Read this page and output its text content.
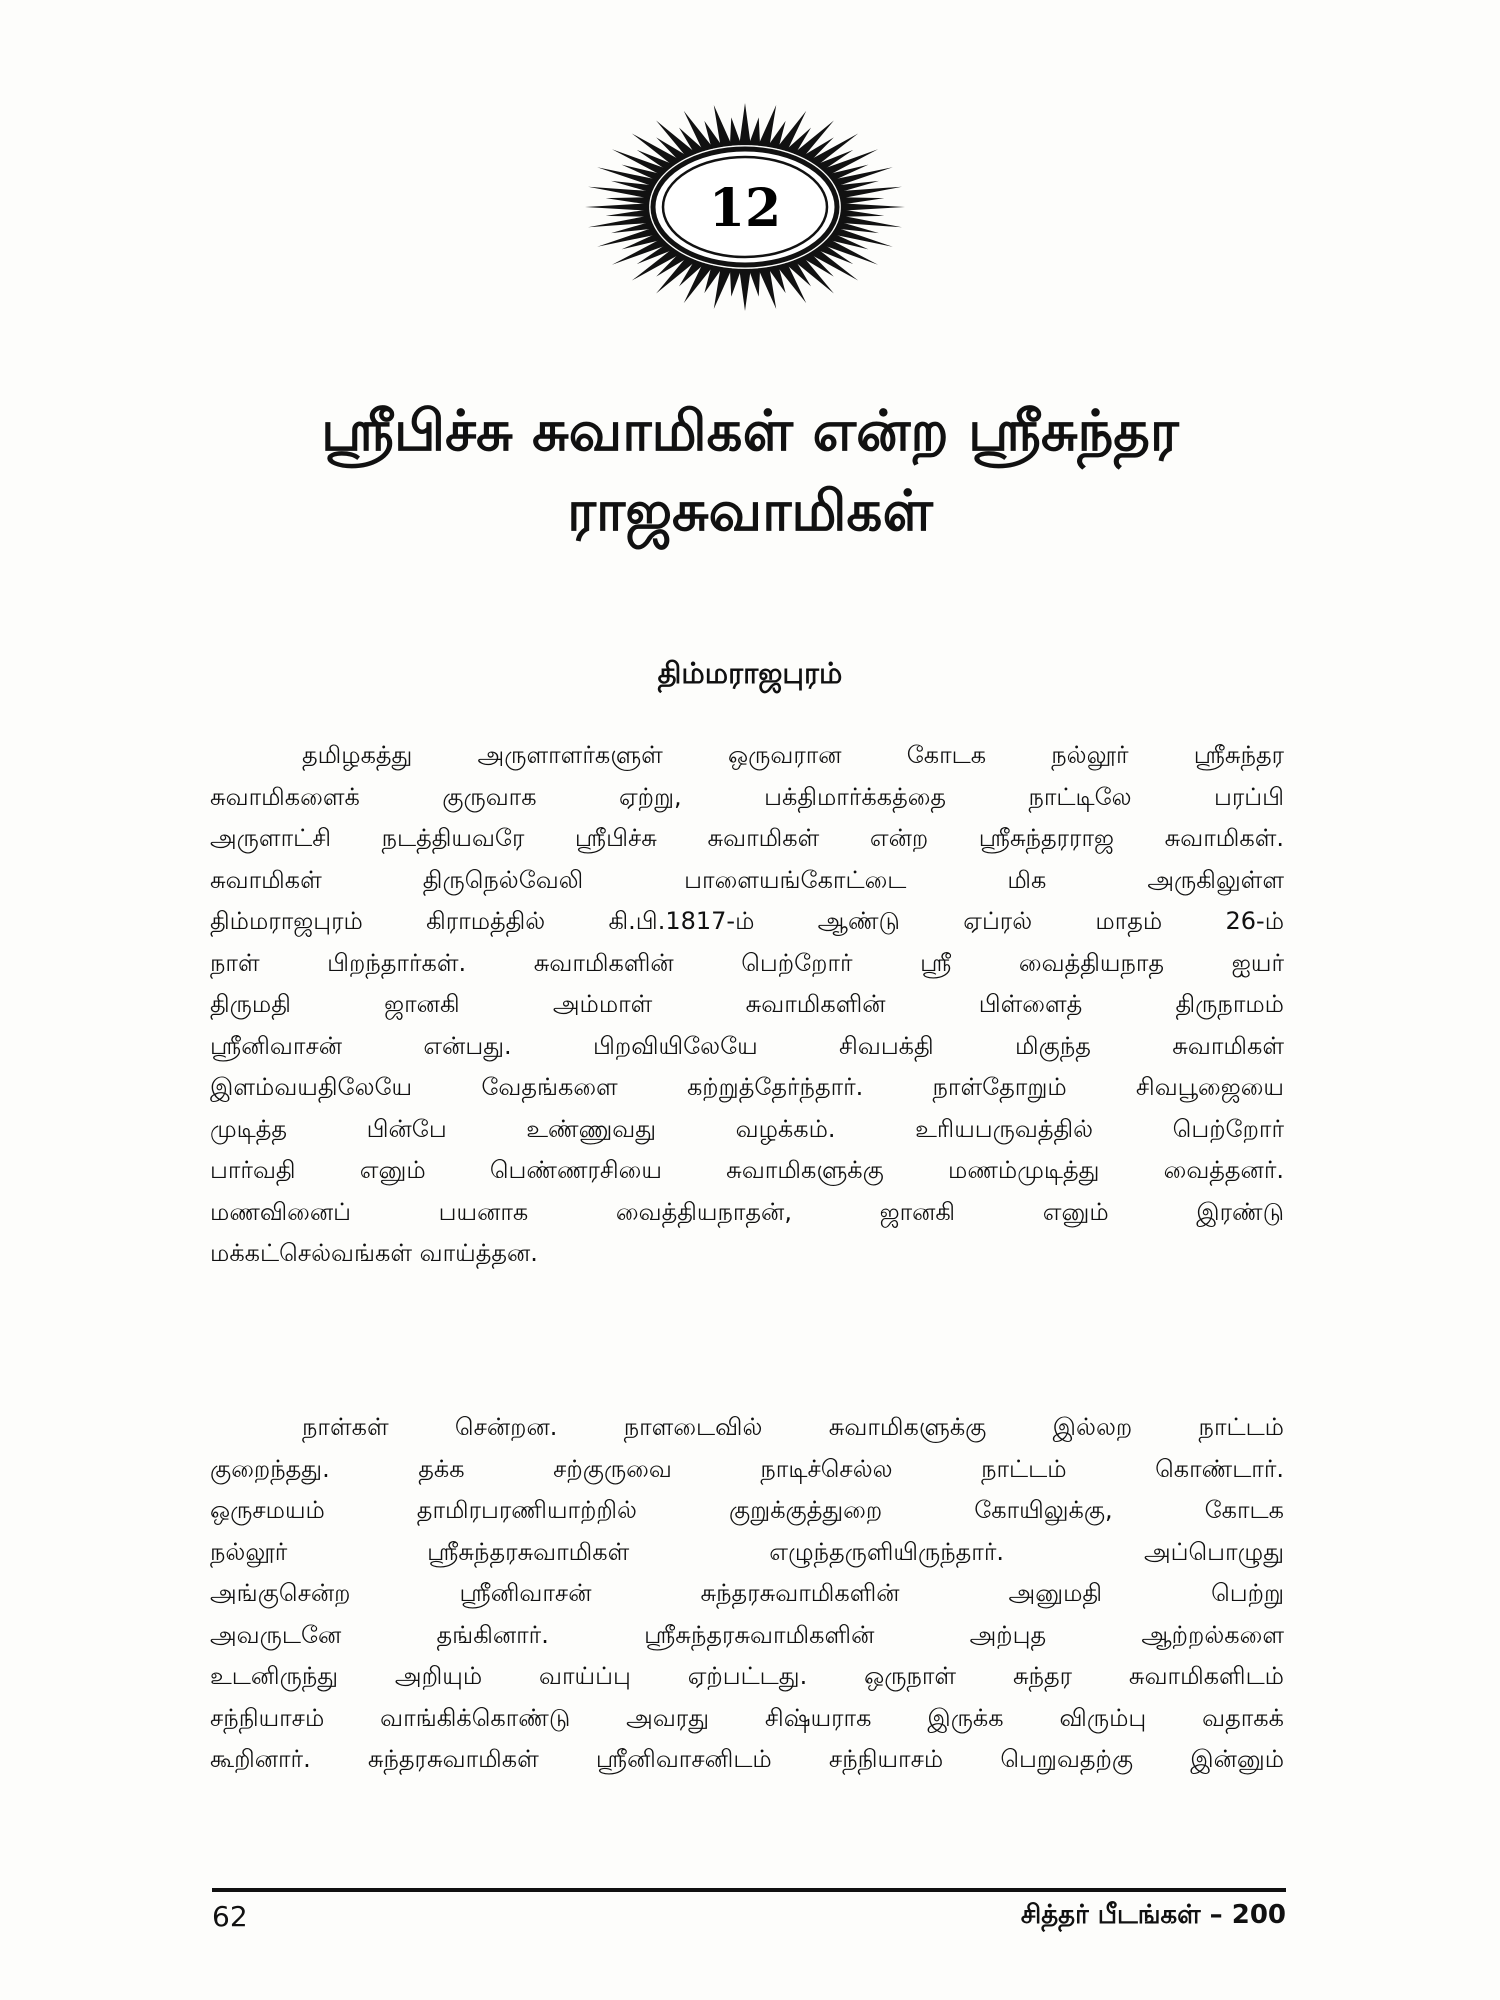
12
ஸ்ரீபிச்சு சுவாமிகள் என்ற ஸ்ரீசுந்தர
ராஜசுவாமிகள்
திம்மராஜபுரம்
தமிழகத்து அருளாளர்களுள் ஒருவரான கோடக நல்லூர் ஸ்ரீசுந்தர
சுவாமிகளைக் குருவாக ஏற்று, பக்திமார்க்கத்தை நாட்டிலே பரப்பி
அருளாட்சி நடத்தியவரே ஸ்ரீபிச்சு சுவாமிகள் என்ற ஸ்ரீசுந்தரராஜ சுவாமிகள்.
சுவாமிகள் திருநெல்வேலி பாளையங்கோட்டை மிக அருகிலுள்ள
திம்மராஜபுரம் கிராமத்தில் கி.பி.1817-ம் ஆண்டு ஏப்ரல் மாதம் 26-ம்
நாள் பிறந்தார்கள். சுவாமிகளின் பெற்றோர் ஸ்ரீ வைத்தியநாத ஐயர்
திருமதி ஜானகி அம்மாள் சுவாமிகளின் பிள்ளைத் திருநாமம்
ஸ்ரீனிவாசன் என்பது. பிறவியிலேயே சிவபக்தி மிகுந்த சுவாமிகள்
இளம்வயதிலேயே வேதங்களை கற்றுத்தேர்ந்தார். நாள்தோறும் சிவபூஜையை
முடித்த பின்பே உண்ணுவது வழக்கம். உரியபருவத்தில் பெற்றோர்
பார்வதி எனும் பெண்ணரசியை சுவாமிகளுக்கு மணம்முடித்து வைத்தனர்.
மணவினைப் பயனாக வைத்தியநாதன், ஜானகி எனும் இரண்டு
மக்கட்செல்வங்கள் வாய்த்தன.
நாள்கள் சென்றன. நாளடைவில் சுவாமிகளுக்கு இல்லற நாட்டம்
குறைந்தது. தக்க சற்குருவை நாடிச்செல்ல நாட்டம் கொண்டார்.
ஒருசமயம் தாமிரபரணியாற்றில் குறுக்குத்துறை கோயிலுக்கு, கோடக
நல்லூர் ஸ்ரீசுந்தரசுவாமிகள் எழுந்தருளியிருந்தார். அப்பொழுது
அங்குசென்ற ஸ்ரீனிவாசன் சுந்தரசுவாமிகளின் அனுமதி பெற்று
அவருடனே தங்கினார். ஸ்ரீசுந்தரசுவாமிகளின் அற்புத ஆற்றல்களை
உடனிருந்து அறியும் வாய்ப்பு ஏற்பட்டது. ஒருநாள் சுந்தர சுவாமிகளிடம்
சந்நியாசம் வாங்கிக்கொண்டு அவரது சிஷ்யராக இருக்க விரும்பு வதாகக்
கூறினார். சுந்தரசுவாமிகள் ஸ்ரீனிவாசனிடம் சந்நியாசம் பெறுவதற்கு இன்னும்
62	சித்தர் பீடங்கள் – 200
